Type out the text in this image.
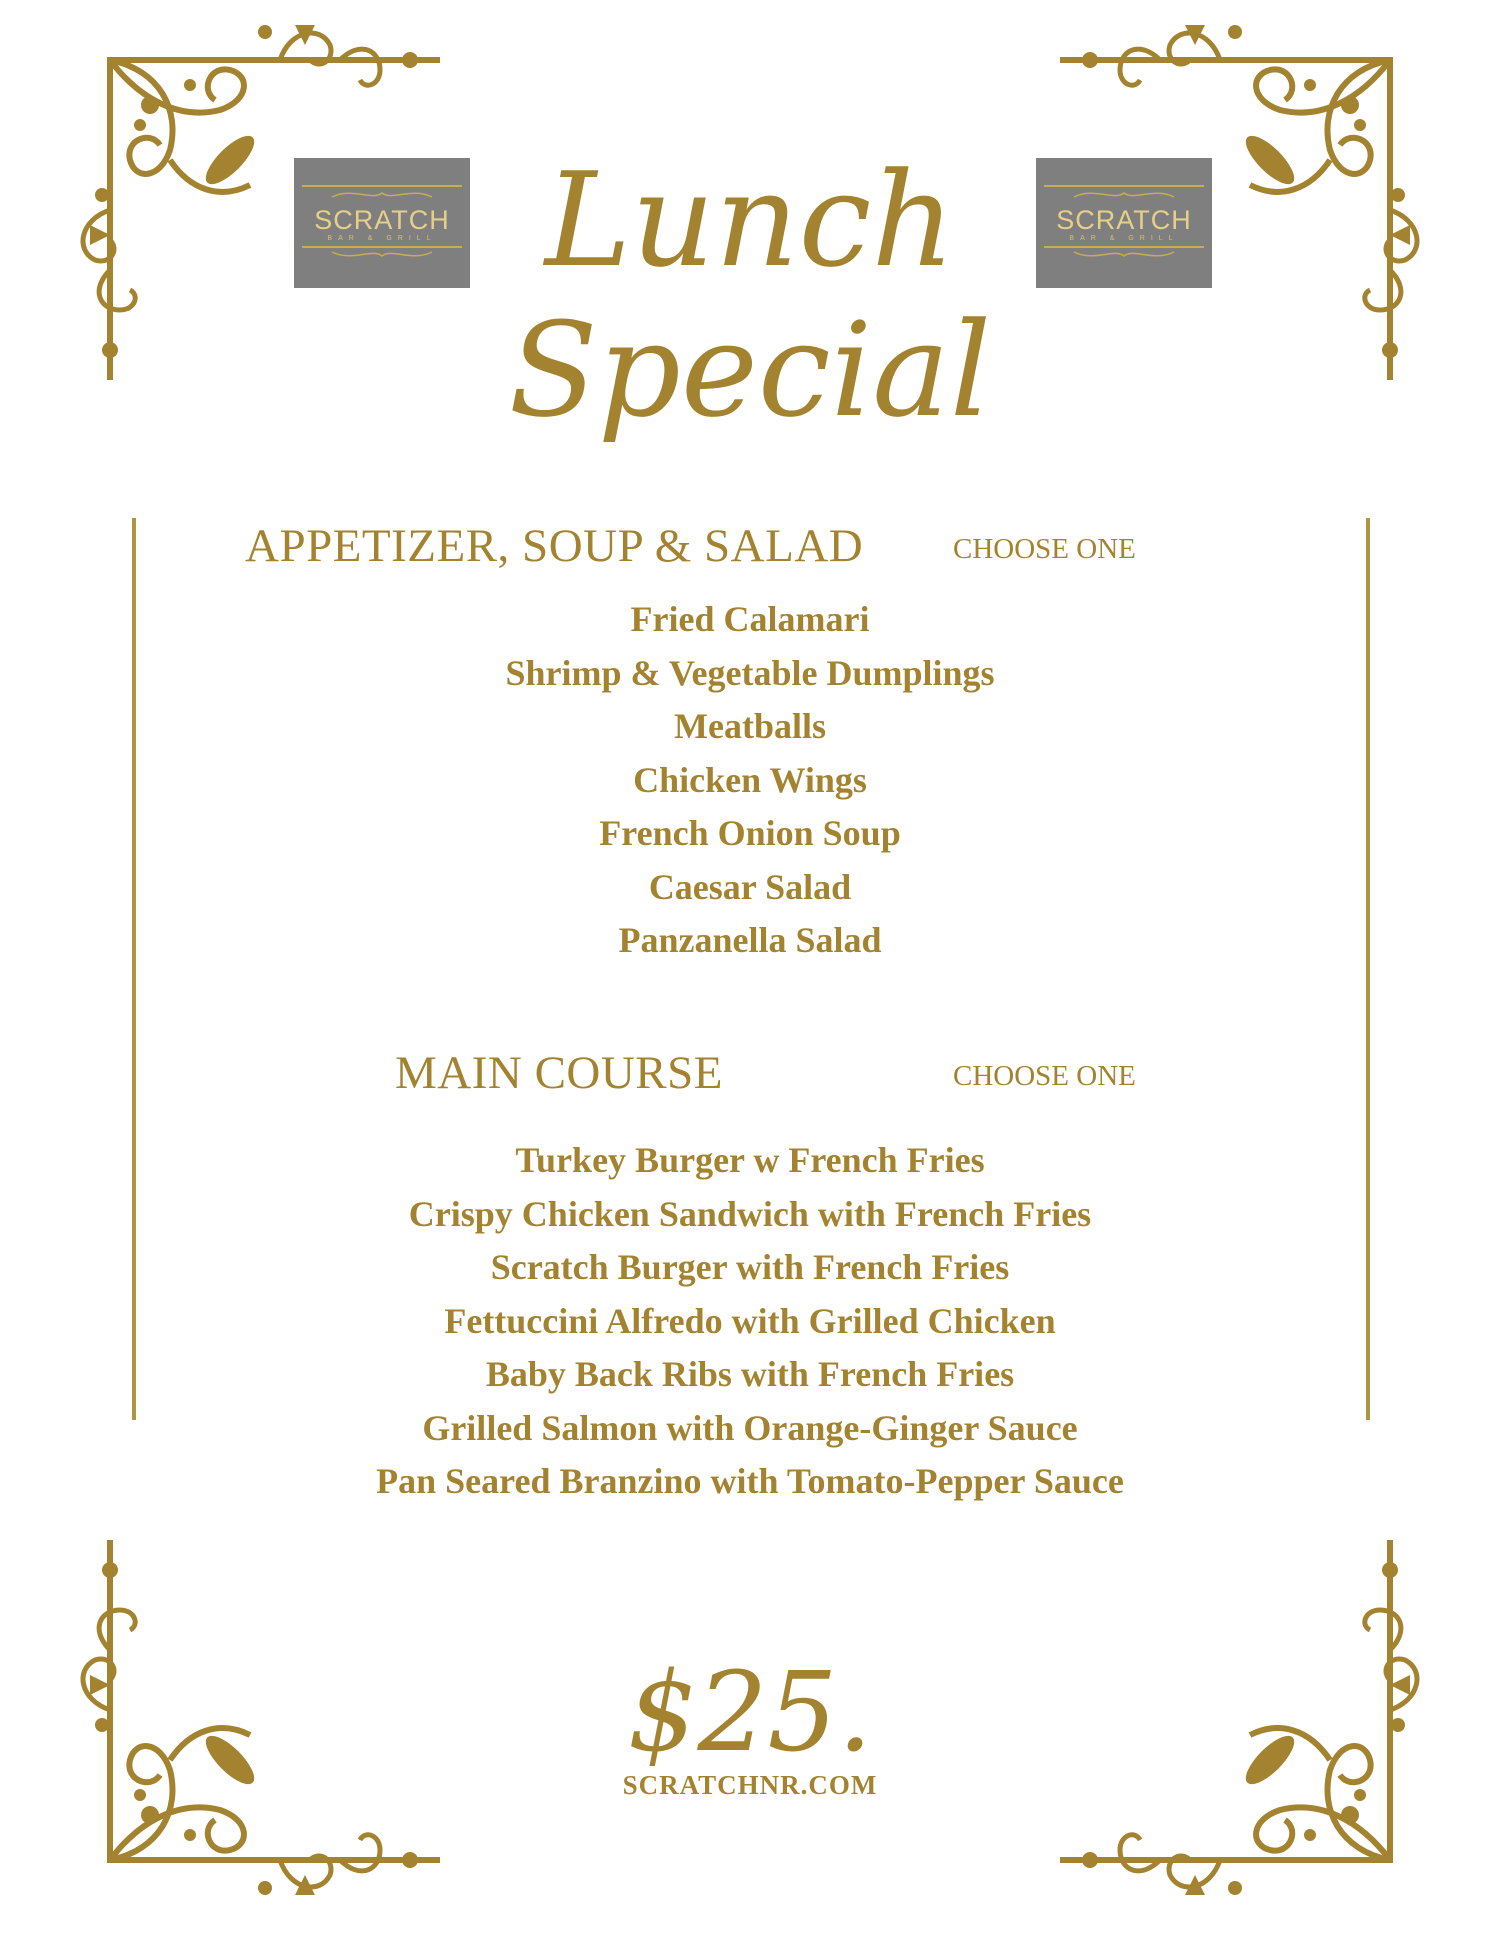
SCRATCH
BAR & GRILL
SCRATCH
BAR & GRILL
Lunch
Special
APPETIZER, SOUP & SALAD	CHOOSE ONE
Fried Calamari
Shrimp & Vegetable Dumplings
Meatballs
Chicken Wings
French Onion Soup
Caesar Salad
Panzanella Salad
MAIN COURSE	CHOOSE ONE
Turkey Burger w French Fries
Crispy Chicken Sandwich with French Fries
Scratch Burger with French Fries
Fettuccini Alfredo with Grilled Chicken
Baby Back Ribs with French Fries
Grilled Salmon with Orange-Ginger Sauce
Pan Seared Branzino with Tomato-Pepper Sauce
$25.
SCRATCHNR.COM
